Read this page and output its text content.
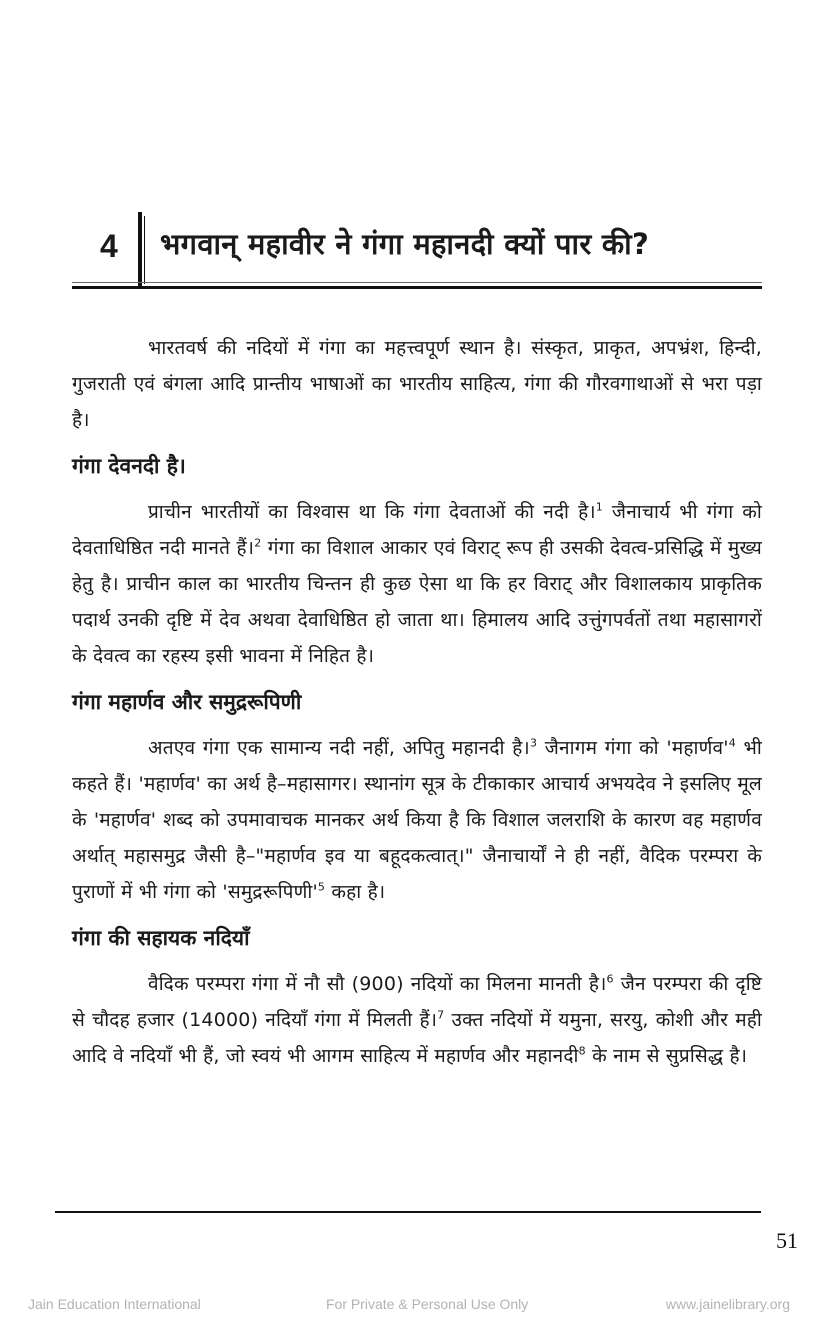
4 भगवान् महावीर ने गंगा महानदी क्यों पार की?

भारतवर्ष की नदियों में गंगा का महत्त्वपूर्ण स्थान है। संस्कृत, प्राकृत, अपभ्रंश, हिन्दी, गुजराती एवं बंगला आदि प्रान्तीय भाषाओं का भारतीय साहित्य, गंगा की गौरवगाथाओं से भरा पड़ा है।

गंगा देवनदी है।

प्राचीन भारतीयों का विश्वास था कि गंगा देवताओं की नदी है।$^1$ जैनाचार्य भी गंगा को देवताधिष्ठित नदी मानते हैं।$^2$ गंगा का विशाल आकार एवं विराट् रूप ही उसकी देवत्व-प्रसिद्धि में मुख्य हेतु है। प्राचीन काल का भारतीय चिन्तन ही कुछ ऐसा था कि हर विराट् और विशालकाय प्राकृतिक पदार्थ उनकी दृष्टि में देव अथवा देवाधिष्ठित हो जाता था। हिमालय आदि उत्तुंगपर्वतों तथा महासागरों के देवत्व का रहस्य इसी भावना में निहित है।

गंगा महार्णव और समुद्ररूपिणी

अतएव गंगा एक सामान्य नदी नहीं, अपितु महानदी है।$^3$ जैनागम गंगा को 'महार्णव'$^4$ भी कहते हैं। 'महार्णव' का अर्थ है–महासागर। स्थानांग सूत्र के टीकाकार आचार्य अभयदेव ने इसलिए मूल के 'महार्णव' शब्द को उपमावाचक मानकर अर्थ किया है कि विशाल जलराशि के कारण वह महार्णव अर्थात् महासमुद्र जैसी है–"महार्णव इव या बहूदकत्वात्।" जैनाचार्यों ने ही नहीं, वैदिक परम्परा के पुराणों में भी गंगा को 'समुद्ररूपिणी'$^5$ कहा है।

गंगा की सहायक नदियाँ

वैदिक परम्परा गंगा में नौ सौ (900) नदियों का मिलना मानती है।$^6$ जैन परम्परा की दृष्टि से चौदह हजार (14000) नदियाँ गंगा में मिलती हैं।$^7$ उक्त नदियों में यमुना, सरयु, कोशी और मही आदि वे नदियाँ भी हैं, जो स्वयं भी आगम साहित्य में महार्णव और महानदी$^8$ के नाम से सुप्रसिद्ध है।

51
Jain Education International	For Private & Personal Use Only	www.jainelibrary.org
